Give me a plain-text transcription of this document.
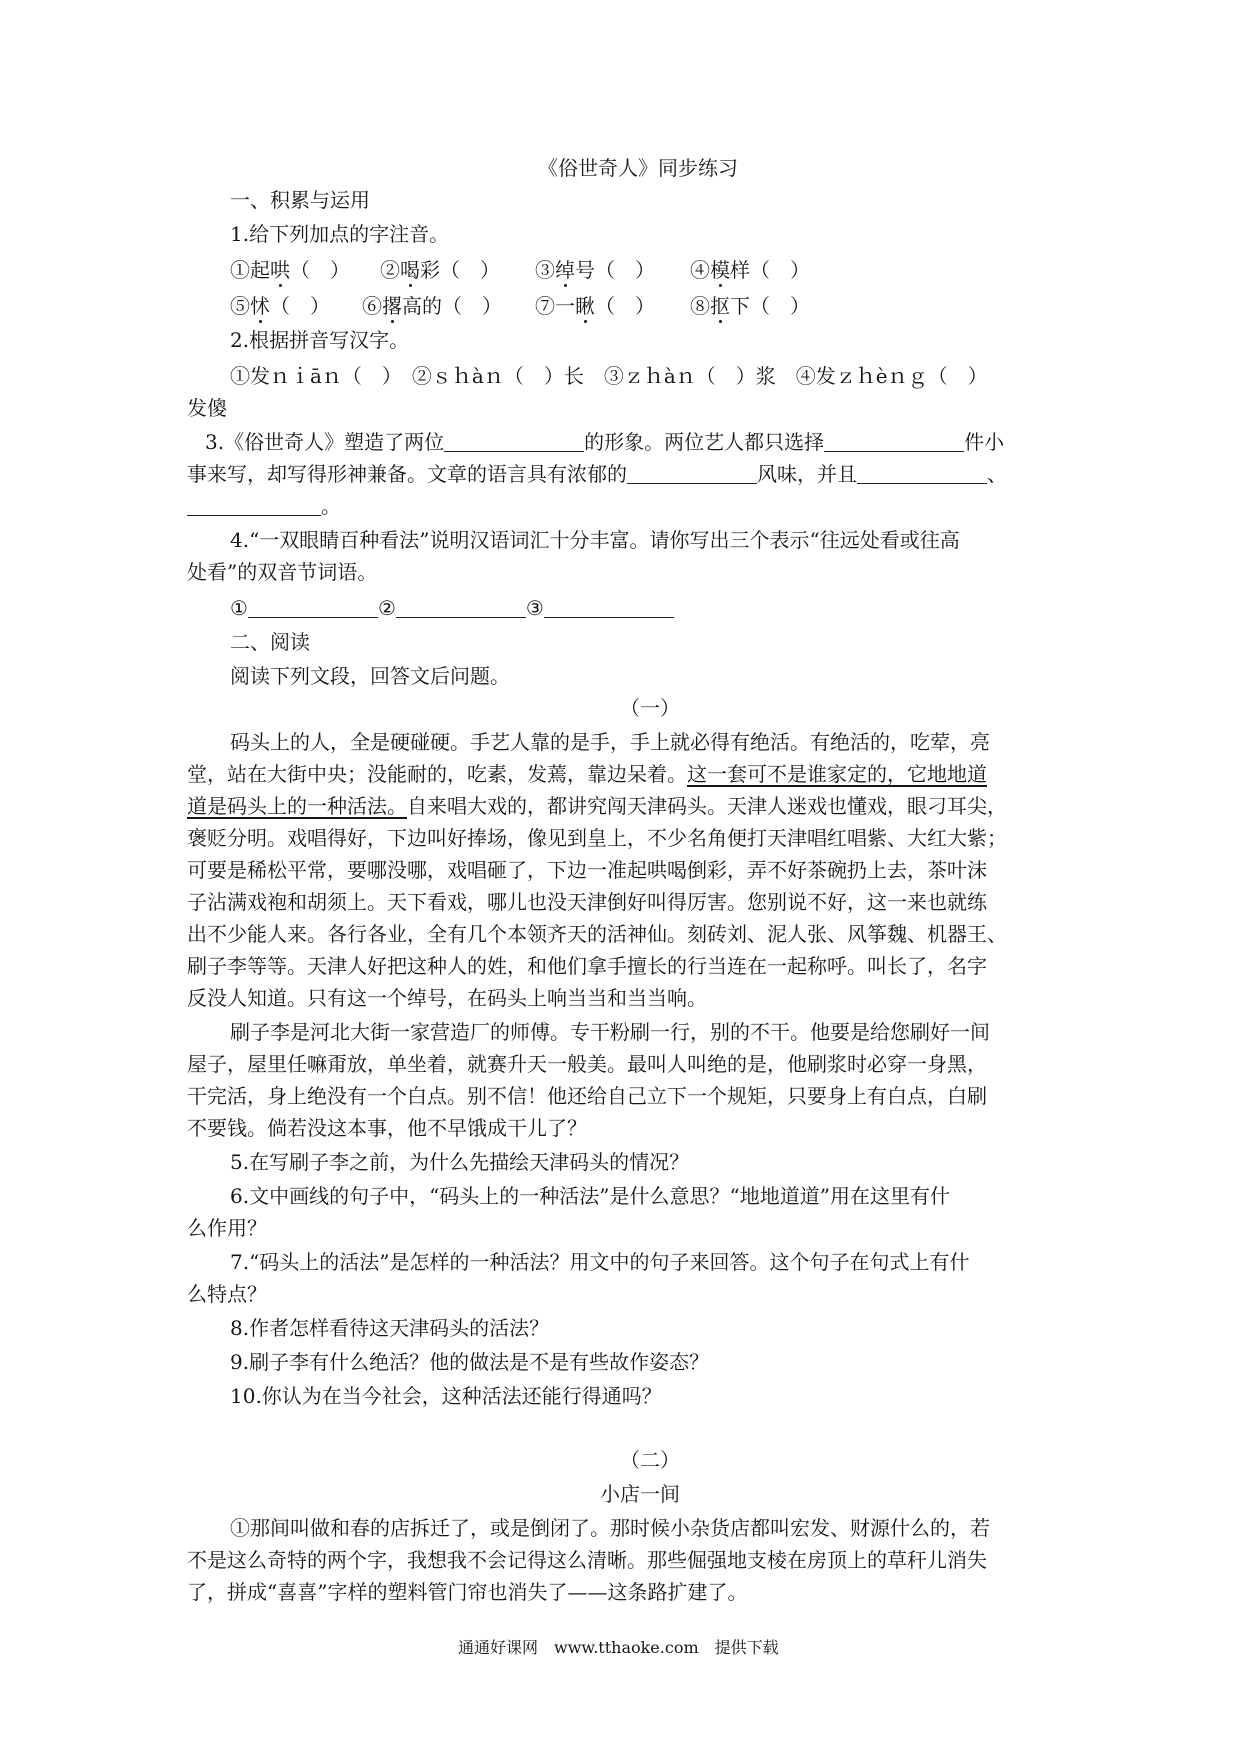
《俗世奇人》同步练习
一、积累与运用
1.给下列加点的字注音。
①起哄（　） ②喝彩（　） ③绰号（　） ④模样（　）
⑤怵（　） ⑥撂高的（　） ⑦一瞅（　） ⑧抠下（　）
2.根据拼音写汉字。
①发ｎｉāｎ（　）　②ｓｈàｎ（　）长　③ｚｈàｎ（　）浆　④发ｚｈèｎｇ（　）
发傻
3.《俗世奇人》塑造了两位	的形象。两位艺人都只选择	件小
事来写，却写得形神兼备。文章的语言具有浓郁的	风味，并且	、
。
4.“一双眼睛百种看法”说明汉语词汇十分丰富。请你写出三个表示“往远处看或往高
处看”的双音节词语。
①	②	③
二、阅读
阅读下列文段，回答文后问题。
（一）
码头上的人，全是硬碰硬。手艺人靠的是手，手上就必得有绝活。有绝活的，吃荤，亮
堂，站在大街中央；没能耐的，吃素，发蔫，靠边呆着。这一套可不是谁家定的，它地地道
道是码头上的一种活法。自来唱大戏的，都讲究闯天津码头。天津人迷戏也懂戏，眼刁耳尖，
褒贬分明。戏唱得好，下边叫好捧场，像见到皇上，不少名角便打天津唱红唱紫、大红大紫；
可要是稀松平常，要哪没哪，戏唱砸了，下边一准起哄喝倒彩，弄不好茶碗扔上去，茶叶沫
子沾满戏袍和胡须上。天下看戏，哪儿也没天津倒好叫得厉害。您别说不好，这一来也就练
出不少能人来。各行各业，全有几个本领齐天的活神仙。刻砖刘、泥人张、风筝魏、机器王、
刷子李等等。天津人好把这种人的姓，和他们拿手擅长的行当连在一起称呼。叫长了，名字
反没人知道。只有这一个绰号，在码头上响当当和当当响。
刷子李是河北大街一家营造厂的师傅。专干粉刷一行，别的不干。他要是给您刷好一间
屋子，屋里任嘛甭放，单坐着，就赛升天一般美。最叫人叫绝的是，他刷浆时必穿一身黑，
干完活，身上绝没有一个白点。别不信！他还给自己立下一个规矩，只要身上有白点，白刷
不要钱。倘若没这本事，他不早饿成干儿了？
5.在写刷子李之前，为什么先描绘天津码头的情况？
6.文中画线的句子中，“码头上的一种活法”是什么意思？“地地道道”用在这里有什
么作用？
7.“码头上的活法”是怎样的一种活法？用文中的句子来回答。这个句子在句式上有什
么特点？
8.作者怎样看待这天津码头的活法？
9.刷子李有什么绝活？他的做法是不是有些故作姿态？
10.你认为在当今社会，这种活法还能行得通吗？
（二）
小店一间
①那间叫做和春的店拆迁了，或是倒闭了。那时候小杂货店都叫宏发、财源什么的，若
不是这么奇特的两个字，我想我不会记得这么清晰。那些倔强地支棱在房顶上的草秆儿消失
了，拼成“喜喜”字样的塑料管门帘也消失了——这条路扩建了。
通通好课网　www.tthaoke.com　提供下载
